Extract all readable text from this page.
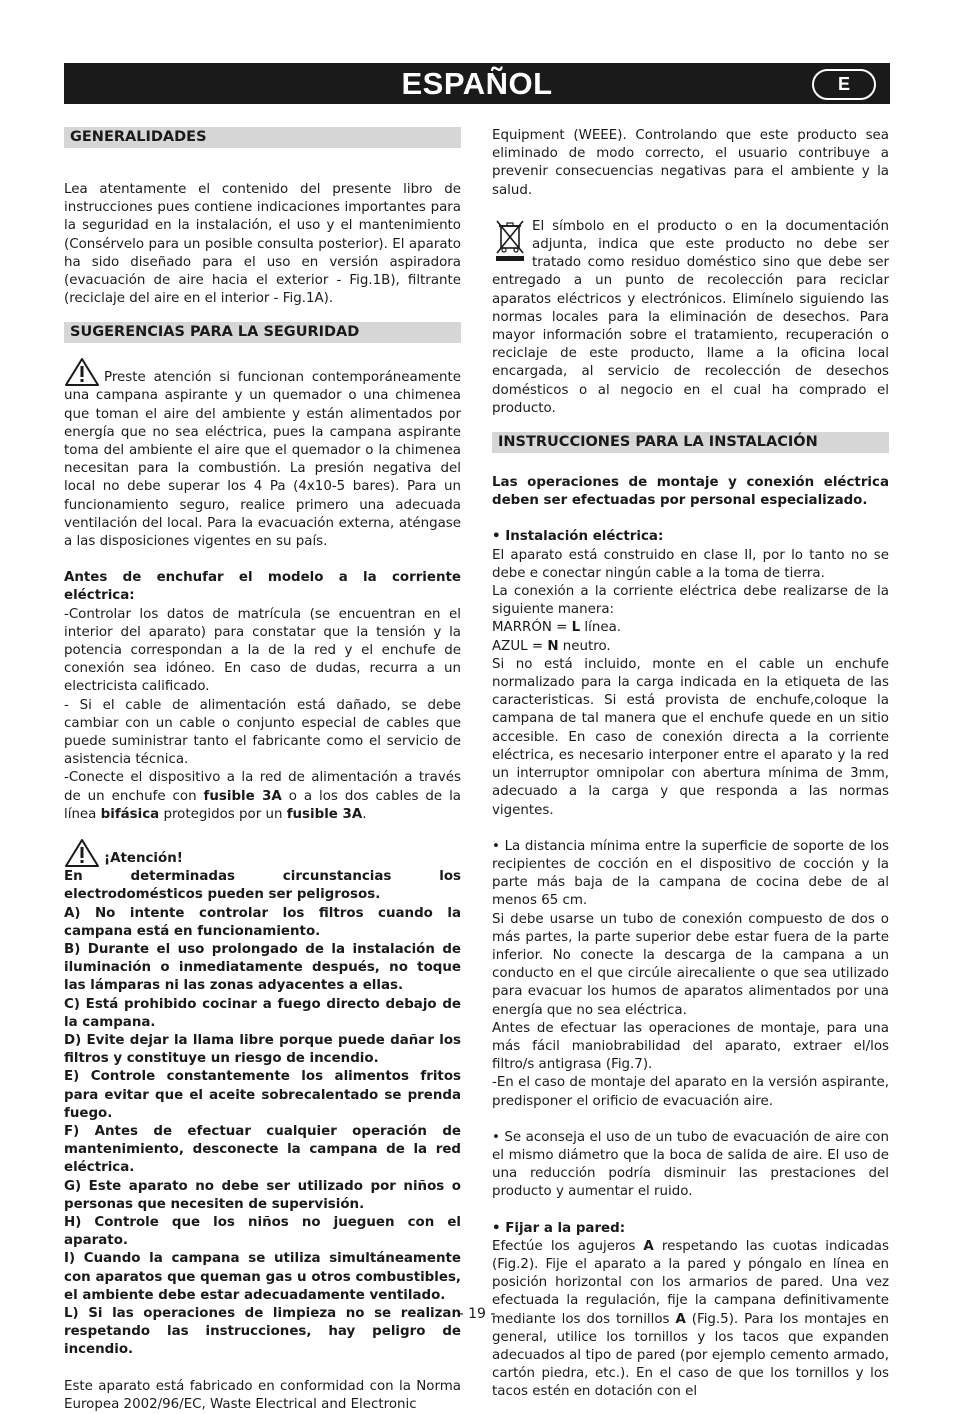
ESPAÑOL	E
GENERALIDADES

Lea atentamente el contenido del presente libro de instrucciones pues contiene indicaciones importantes para la seguridad en la instalación, el uso y el mantenimiento (Consérvelo para un posible consulta posterior). El aparato ha sido diseñado para el uso en versión aspiradora (evacuación de aire hacia el exterior - Fig.1B), filtrante (reciclaje del aire en el interior - Fig.1A).

SUGERENCIAS PARA LA SEGURIDAD

Preste atención si funcionan contemporáneamente una campana aspirante y un quemador o una chimenea que toman el aire del ambiente y están alimentados por energía que no sea eléctrica, pues la campana aspirante toma del ambiente el aire que el quemador o la chimenea necesitan para la combustión. La presión negativa del local no debe superar los 4 Pa (4x10-5 bares). Para un funcionamiento seguro, realice primero una adecuada ventilación del local. Para la evacuación externa, aténgase a las disposiciones vigentes en su país.

Antes de enchufar el modelo a la corriente eléctrica:

-Controlar los datos de matrícula (se encuentran en el interior del aparato) para constatar que la tensión y la potencia correspondan a la de la red y el enchufe de conexión sea idóneo. En caso de dudas, recurra a un electricista calificado.

- Si el cable de alimentación está dañado, se debe cambiar con un cable o conjunto especial de cables que puede suministrar tanto el fabricante como el servicio de asistencia técnica.

-Conecte el dispositivo a la red de alimentación a través de un enchufe con fusible 3A o a los dos cables de la línea bifásica protegidos por un fusible 3A.

¡Atención!

En determinadas circunstancias los electrodomésticos pueden ser peligrosos.

A) No intente controlar los filtros cuando la campana está en funcionamiento.

B) Durante el uso prolongado de la instalación de iluminación o inmediatamente después, no toque las lámparas ni las zonas adyacentes a ellas.

C) Está prohibido cocinar a fuego directo debajo de la campana.

D) Evite dejar la llama libre porque puede dañar los filtros y constituye un riesgo de incendio.

E) Controle constantemente los alimentos fritos para evitar que el aceite sobrecalentado se prenda fuego.

F) Antes de efectuar cualquier operación de mantenimiento, desconecte la campana de la red eléctrica.

G) Este aparato no debe ser utilizado por niños o personas que necesiten de supervisión.

H) Controle que los niños no jueguen con el aparato.

I) Cuando la campana se utiliza simultáneamente con aparatos que queman gas u otros combustibles, el ambiente debe estar adecuadamente ventilado.

L) Si las operaciones de limpieza no se realizan respetando las instrucciones, hay peligro de incendio.

Este aparato está fabricado en conformidad con la Norma Europea 2002/96/EC, Waste Electrical and Electronic

Equipment (WEEE). Controlando que este producto sea eliminado de modo correcto, el usuario contribuye a prevenir consecuencias negativas para el ambiente y la salud.

El símbolo en el producto o en la documentación adjunta, indica que este producto no debe ser tratado como residuo doméstico sino que debe ser entregado a un punto de recolección para reciclar aparatos eléctricos y electrónicos. Elimínelo siguiendo las normas locales para la eliminación de desechos. Para mayor información sobre el tratamiento, recuperación o reciclaje de este producto, llame a la oficina local encargada, al servicio de recolección de desechos domésticos o al negocio en el cual ha comprado el producto.

INSTRUCCIONES PARA LA INSTALACIÓN

Las operaciones de montaje y conexión eléctrica deben ser efectuadas por personal especializado.

• Instalación eléctrica:

El aparato está construido en clase II, por lo tanto no se debe e conectar ningún cable a la toma de tierra.

La conexión a la corriente eléctrica debe realizarse de la siguiente manera:

MARRÓN = L línea.

AZUL = N neutro.

Si no está incluido, monte en el cable un enchufe normalizado para la carga indicada en la etiqueta de las caracteristicas. Si está provista de enchufe,coloque la campana de tal manera que el enchufe quede en un sitio accesible. En caso de conexión directa a la corriente eléctrica, es necesario interponer entre el aparato y la red un interruptor omnipolar con abertura mínima de 3mm, adecuado a la carga y que responda a las normas vigentes.

• La distancia mínima entre la superficie de soporte de los recipientes de cocción en el dispositivo de cocción y la parte más baja de la campana de cocina debe de al menos 65 cm.

Si debe usarse un tubo de conexión compuesto de dos o más partes, la parte superior debe estar fuera de la parte inferior. No conecte la descarga de la campana a un conducto en el que circúle airecaliente o que sea utilizado para evacuar los humos de aparatos alimentados por una energía que no sea eléctrica.

Antes de efectuar las operaciones de montaje, para una más fácil maniobrabilidad del aparato, extraer el/los filtro/s antigrasa (Fig.7).

-En el caso de montaje del aparato en la versión aspirante, predisponer el orificio de evacuación aire.

• Se aconseja el uso de un tubo de evacuación de aire con el mismo diámetro que la boca de salida de aire. El uso de una reducción podría disminuir las prestaciones del producto y aumentar el ruido.

• Fijar a la pared:

Efectúe los agujeros A respetando las cuotas indicadas (Fig.2). Fije el aparato a la pared y póngalo en línea en posición horizontal con los armarios de pared. Una vez efectuada la regulación, fije la campana definitivamente mediante los dos tornillos A (Fig.5). Para los montajes en general, utilice los tornillos y los tacos que expanden adecuados al tipo de pared (por ejemplo cemento armado, cartón piedra, etc.). En el caso de que los tornillos y los tacos estén en dotación con el

- 19 -
